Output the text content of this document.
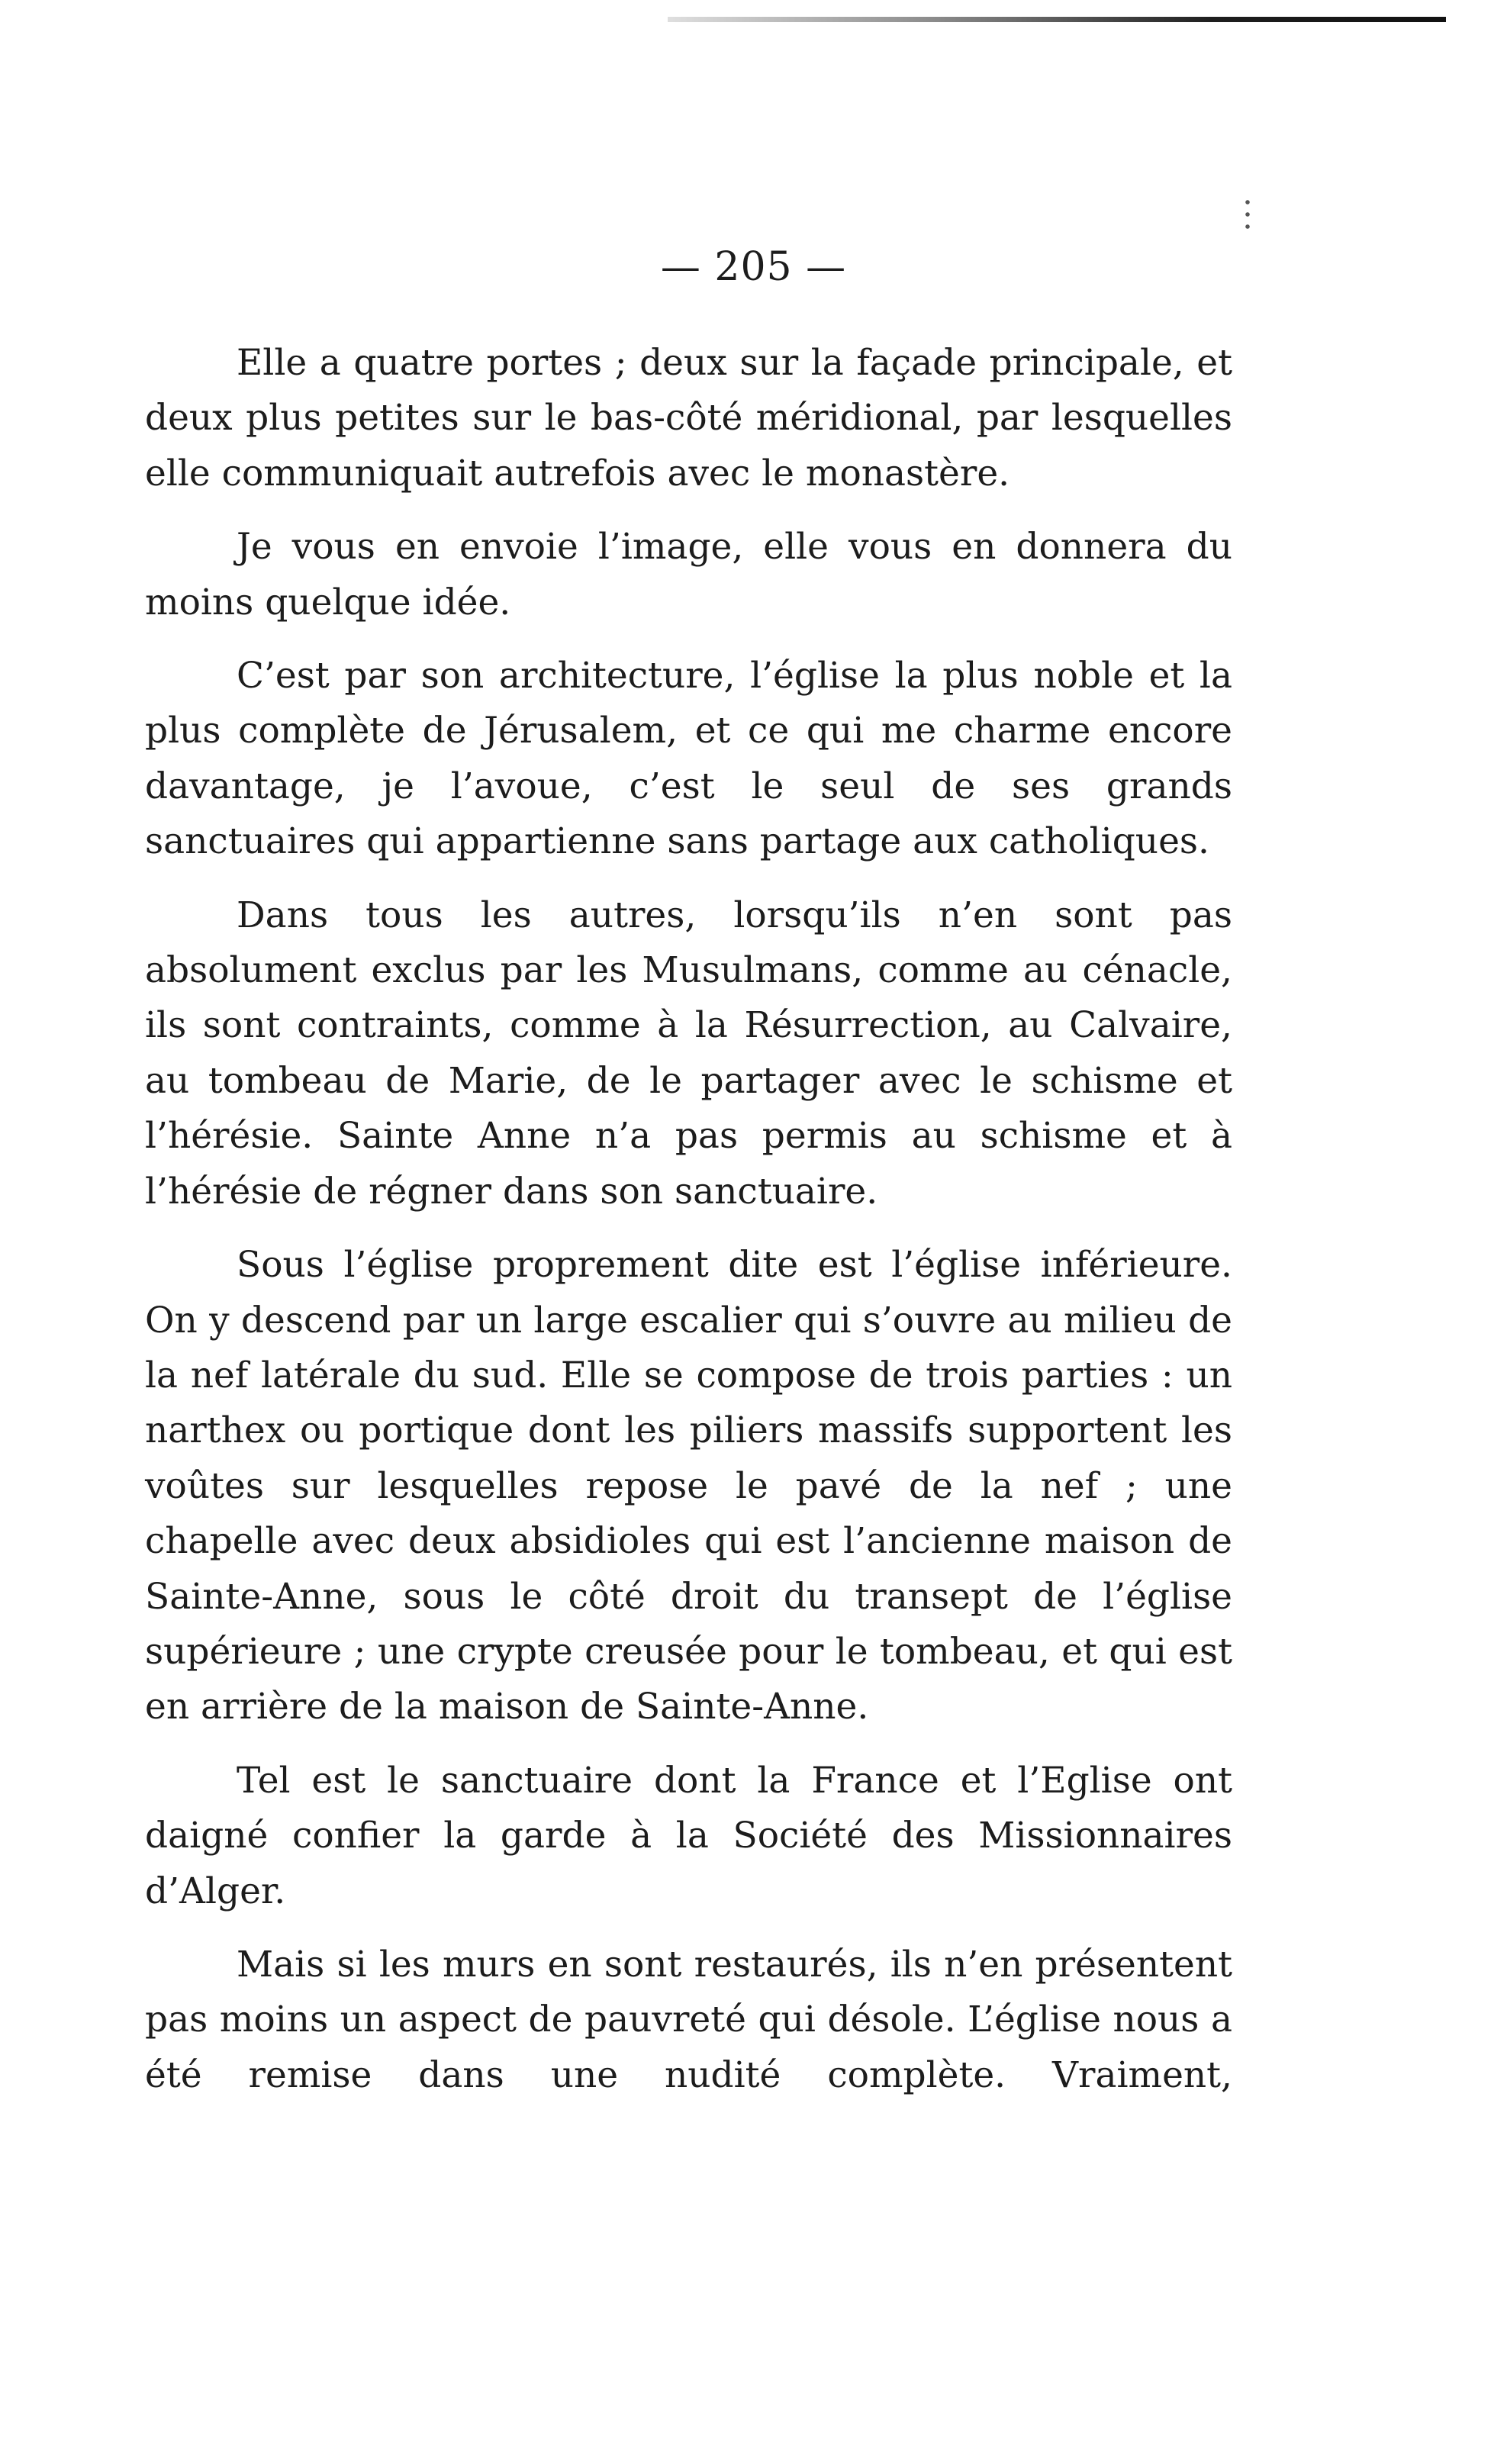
— 205 —

Elle a quatre portes ; deux sur la façade principale, et deux plus petites sur le bas-côté méridional, par lesquelles elle communiquait autrefois avec le monastère.

Je vous en envoie l’image, elle vous en donnera du moins quelque idée.

C’est par son architecture, l’église la plus noble et la plus complète de Jérusalem, et ce qui me charme encore davantage, je l’avoue, c’est le seul de ses grands sanctuaires qui appartienne sans partage aux catholiques.

Dans tous les autres, lorsqu’ils n’en sont pas absolument exclus par les Musulmans, comme au cénacle, ils sont contraints, comme à la Résurrection, au Calvaire, au tombeau de Marie, de le partager avec le schisme et l’hérésie. Sainte Anne n’a pas permis au schisme et à l’hérésie de régner dans son sanctuaire.

Sous l’église proprement dite est l’église inférieure. On y descend par un large escalier qui s’ouvre au milieu de la nef latérale du sud. Elle se compose de trois parties : un narthex ou portique dont les piliers massifs supportent les voûtes sur lesquelles repose le pavé de la nef ; une chapelle avec deux absidioles qui est l’ancienne maison de Sainte-Anne, sous le côté droit du transept de l’église supérieure ; une crypte creusée pour le tombeau, et qui est en arrière de la maison de Sainte-Anne.

Tel est le sanctuaire dont la France et l’Eglise ont daigné confier la garde à la Société des Missionnaires d’Alger.

Mais si les murs en sont restaurés, ils n’en présentent pas moins un aspect de pauvreté qui désole. L’église nous a été remise dans une nudité complète. Vraiment,
